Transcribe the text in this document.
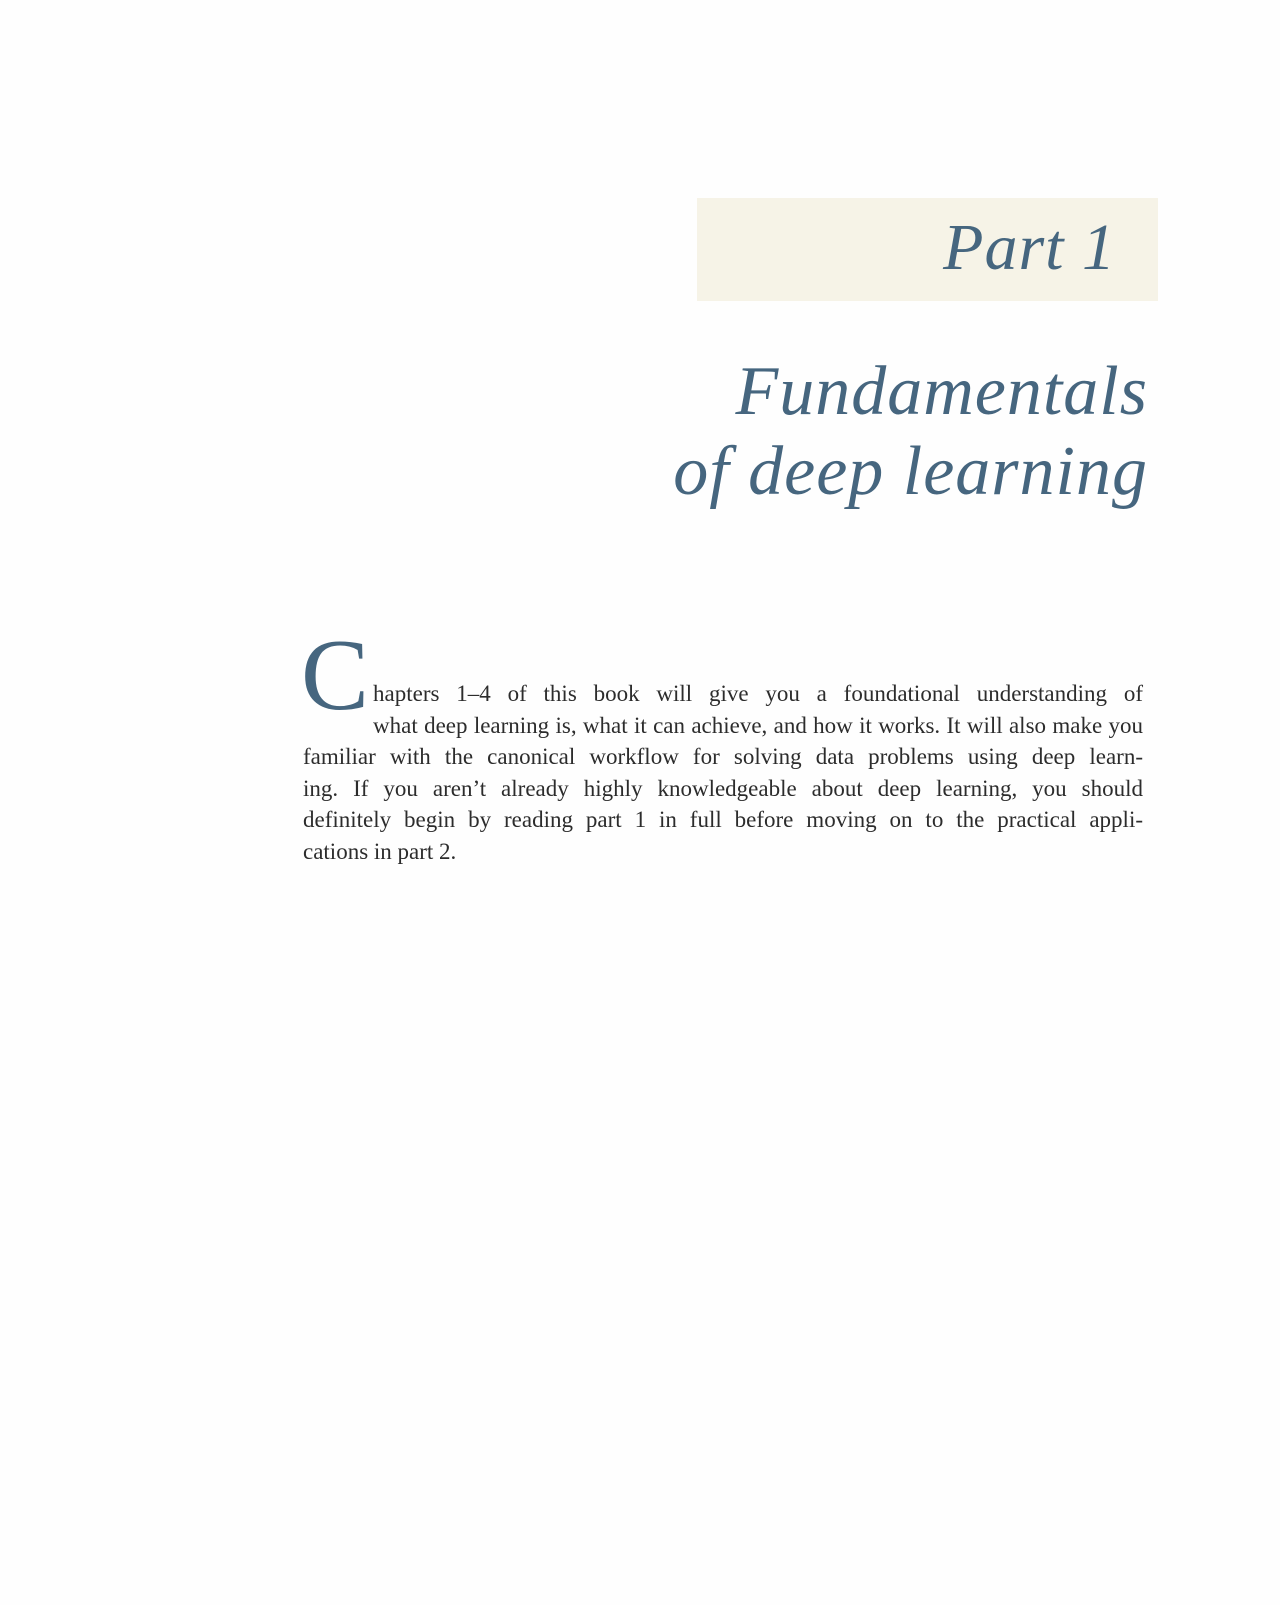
Part 1
Fundamentals
of deep learning
C hapters 1–4 of this book will give you a foundational understanding of
what deep learning is, what it can achieve, and how it works. It will also make you
familiar with the canonical workflow for solving data problems using deep learn-
ing. If you aren’t already highly knowledgeable about deep learning, you should
definitely begin by reading part 1 in full before moving on to the practical appli-
cations in part 2.
